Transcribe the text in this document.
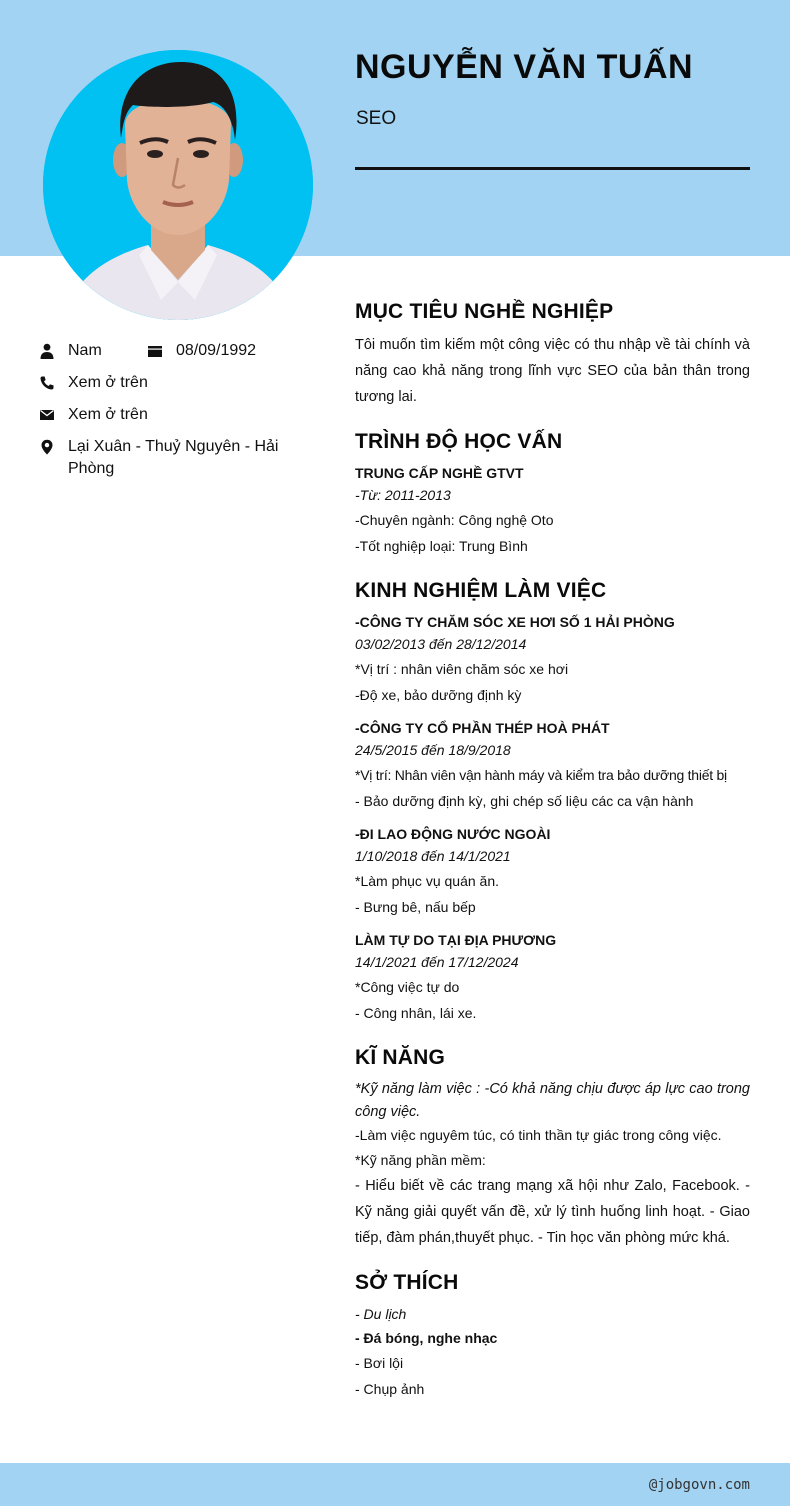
NGUYỄN VĂN TUẤN
SEO
Nam	08/09/1992
Xem ở trên
Xem ở trên
Lại Xuân - Thuỷ Nguyên - Hải Phòng
MỤC TIÊU NGHỀ NGHIỆP

Tôi muốn tìm kiếm một công việc có thu nhập về tài chính và năng cao khả năng trong lĩnh vực SEO của bản thân trong tương lai.

TRÌNH ĐỘ HỌC VẤN

TRUNG CẤP NGHỀ GTVT

-Từ: 2011-2013

-Chuyên ngành: Công nghệ Oto

-Tốt nghiệp loại: Trung Bình

KINH NGHIỆM LÀM VIỆC

-CÔNG TY CHĂM SÓC XE HƠI SỐ 1 HẢI PHÒNG

03/02/2013 đến 28/12/2014

*Vị trí : nhân viên chăm sóc xe hơi

-Độ xe, bảo dưỡng định kỳ

-CÔNG TY CỔ PHẦN THÉP HOÀ PHÁT

24/5/2015 đến 18/9/2018

*Vị trí: Nhân viên vận hành máy và kiểm tra bảo dưỡng thiết bị

- Bảo dưỡng định kỳ, ghi chép số liệu các ca vận hành

-ĐI LAO ĐỘNG NƯỚC NGOÀI

1/10/2018 đến 14/1/2021

*Làm phục vụ quán ăn.

- Bưng bê, nấu bếp

LÀM TỰ DO TẠI ĐỊA PHƯƠNG

14/1/2021 đến 17/12/2024

*Công việc tự do

- Công nhân, lái xe.

KĨ NĂNG

*Kỹ năng làm việc : -Có khả năng chịu được áp lực cao trong công việc.

-Làm việc nguyêm túc, có tinh thần tự giác trong công việc.

*Kỹ năng phần mềm:

- Hiểu biết về các trang mạng xã hội như Zalo, Facebook. - Kỹ năng giải quyết vấn đề, xử lý tình huống linh hoạt. - Giao tiếp, đàm phán,thuyết phục. - Tin học văn phòng mức khá.

SỞ THÍCH

- Du lịch

- Đá bóng, nghe nhạc

- Bơi lội

- Chụp ảnh

@jobgovn.com
